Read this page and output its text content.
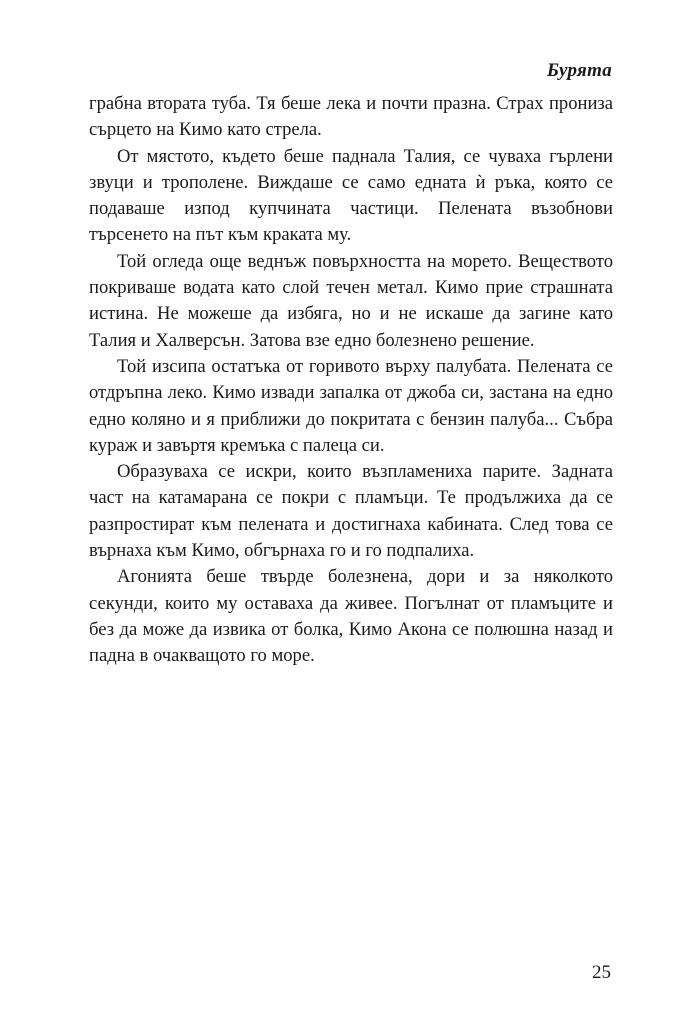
Бурята

грабна втората туба. Тя беше лека и почти празна. Страх прониза сърцето на Кимо като стрела.

От мястото, където беше паднала Талия, се чуваха гърлени звуци и трополене. Виждаше се само едната ѝ ръка, която се подаваше изпод купчината частици. Пелената възобнови търсенето на път към краката му.

Той огледа още веднъж повърхността на морето. Веществото покриваше водата като слой течен метал. Кимо прие страшната истина. Не можеше да избяга, но и не искаше да загине като Талия и Халверсън. Затова взе едно болезнено решение.

Той изсипа остатъка от горивото върху палубата. Пелената се отдръпна леко. Кимо извади запалка от джоба си, застана на едно едно коляно и я приближи до покритата с бензин палуба... Събра кураж и завъртя кремъка с палеца си.

Образуваха се искри, които възпламениха парите. Задната част на катамарана се покри с пламъци. Те продължиха да се разпростират към пелената и достигнаха кабината. След това се върнаха към Кимо, обгърнаха го и го подпалиха.

Агонията беше твърде болезнена, дори и за няколкото секунди, които му оставаха да живее. Погълнат от пламъците и без да може да извика от болка, Кимо Акона се полюшна назад и падна в очакващото го море.

25
